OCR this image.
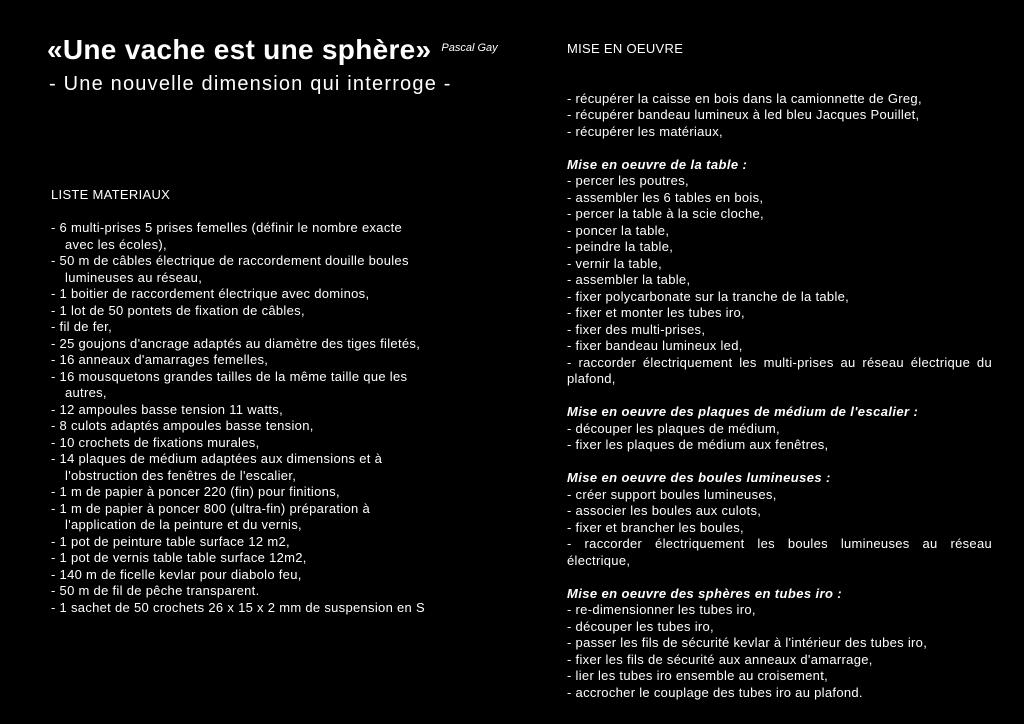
«Une vache est une sphère» $^{Pascal Gay}$
- Une nouvelle dimension qui interroge -
LISTE MATERIAUX
- 6 multi-prises 5 prises femelles (définir le nombre exacte
avec les écoles),
- 50 m de câbles électrique de raccordement douille boules
lumineuses au réseau,
- 1 boitier de raccordement électrique avec dominos,
- 1 lot de 50 pontets de fixation de câbles,
- fil de fer,
- 25 goujons d'ancrage adaptés au diamètre des tiges filetés,
- 16 anneaux d'amarrages femelles,
- 16 mousquetons grandes tailles de la même taille que les
autres,
- 12 ampoules basse tension 11 watts,
- 8 culots adaptés ampoules basse tension,
- 10 crochets de fixations murales,
- 14 plaques de médium adaptées aux dimensions et à
l'obstruction des fenêtres de l'escalier,
- 1 m de papier à poncer 220 (fin) pour finitions,
- 1 m de papier à poncer 800 (ultra-fin) préparation à
l'application de la peinture et du vernis,
- 1 pot de peinture table surface 12 m2,
- 1 pot de vernis table table surface 12m2,
- 140 m de ficelle kevlar pour diabolo feu,
- 50 m de fil de pêche transparent.
- 1 sachet de 50 crochets 26 x 15 x 2 mm de suspension en S
MISE EN OEUVRE
- récupérer la caisse en bois dans la camionnette de Greg,
- récupérer bandeau lumineux à led bleu Jacques Pouillet,
- récupérer les matériaux,
Mise en oeuvre de la table :
- percer les poutres,
- assembler les 6 tables en bois,
- percer la table à la scie cloche,
- poncer la table,
- peindre la table,
- vernir la table,
- assembler la table,
- fixer polycarbonate sur la tranche de la table,
- fixer et monter les tubes iro,
- fixer des multi-prises,
- fixer bandeau lumineux led,
- raccorder électriquement les multi-prises au réseau électrique du plafond,
Mise en oeuvre des plaques de médium de l'escalier :
- découper les plaques de médium,
- fixer les plaques de médium aux fenêtres,
Mise en oeuvre des boules lumineuses :
- créer support boules lumineuses,
- associer les boules aux culots,
- fixer et brancher les boules,
- raccorder électriquement les boules lumineuses au réseau électrique,
Mise en oeuvre des sphères en tubes iro :
- re-dimensionner les tubes iro,
- découper les tubes iro,
- passer les fils de sécurité kevlar à l'intérieur des tubes iro,
- fixer les fils de sécurité aux anneaux d'amarrage,
- lier les tubes iro ensemble au croisement,
- accrocher le couplage des tubes iro au plafond.
